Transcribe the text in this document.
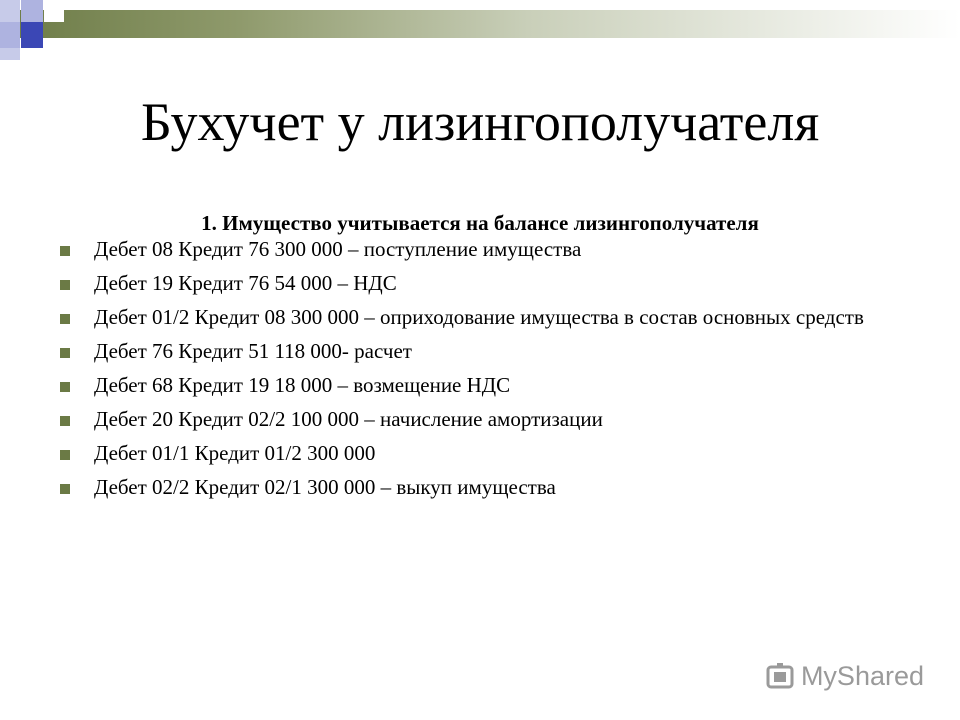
Бухучет у лизингополучателя
1. Имущество учитывается на балансе лизингополучателя
Дебет 08 Кредит 76 300 000 – поступление имущества
Дебет 19 Кредит 76 54 000 – НДС
Дебет 01/2 Кредит 08 300 000 – оприходование имущества в состав основных средств
Дебет 76 Кредит 51 118 000- расчет
Дебет 68 Кредит 19 18 000 – возмещение НДС
Дебет 20 Кредит 02/2 100 000 – начисление амортизации
Дебет 01/1 Кредит 01/2 300 000
Дебет 02/2 Кредит 02/1 300 000 – выкуп имущества
MyShared
